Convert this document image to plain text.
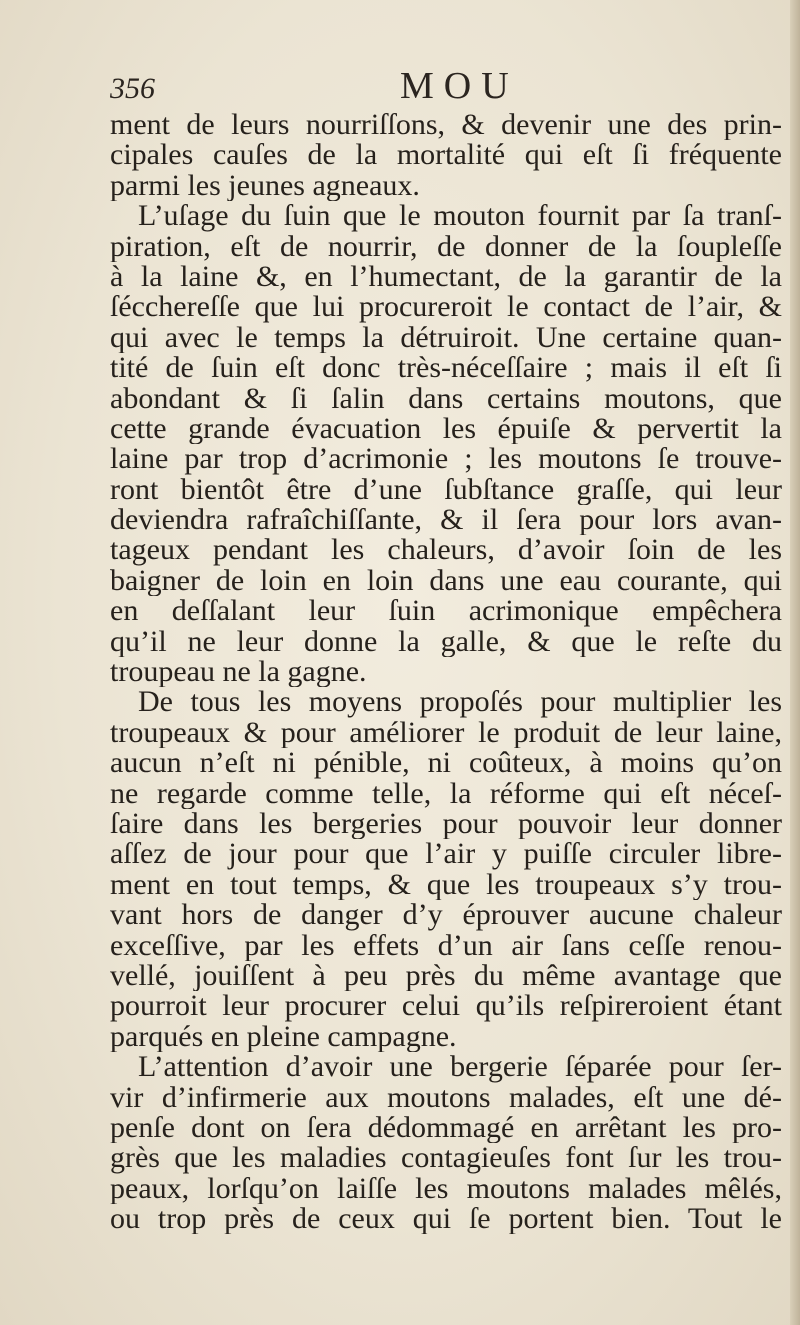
356	MOU
ment de leurs nourriſſons, & devenir une des prin-
cipales cauſes de la mortalité qui eſt ſi fréquente
parmi les jeunes agneaux.
L’uſage du ſuin que le mouton fournit par ſa tranſ-
piration, eſt de nourrir, de donner de la ſoupleſſe
à la laine &, en l’humectant, de la garantir de la
ſécchereſſe que lui procureroit le contact de l’air, &
qui avec le temps la détruiroit. Une certaine quan-
tité de ſuin eſt donc très-néceſſaire ; mais il eſt ſi
abondant & ſi ſalin dans certains moutons, que
cette grande évacuation les épuiſe & pervertit la
laine par trop d’acrimonie ; les moutons ſe trouve-
ront bientôt être d’une ſubſtance graſſe, qui leur
deviendra rafraîchiſſante, & il ſera pour lors avan-
tageux pendant les chaleurs, d’avoir ſoin de les
baigner de loin en loin dans une eau courante, qui
en deſſalant leur ſuin acrimonique empêchera
qu’il ne leur donne la galle, & que le reſte du
troupeau ne la gagne.
De tous les moyens propoſés pour multiplier les
troupeaux & pour améliorer le produit de leur laine,
aucun n’eſt ni pénible, ni coûteux, à moins qu’on
ne regarde comme telle, la réforme qui eſt néceſ-
ſaire dans les bergeries pour pouvoir leur donner
aſſez de jour pour que l’air y puiſſe circuler libre-
ment en tout temps, & que les troupeaux s’y trou-
vant hors de danger d’y éprouver aucune chaleur
exceſſive, par les effets d’un air ſans ceſſe renou-
vellé, jouiſſent à peu près du même avantage que
pourroit leur procurer celui qu’ils reſpireroient étant
parqués en pleine campagne.
L’attention d’avoir une bergerie ſéparée pour ſer-
vir d’infirmerie aux moutons malades, eſt une dé-
penſe dont on ſera dédommagé en arrêtant les pro-
grès que les maladies contagieuſes font ſur les trou-
peaux, lorſqu’on laiſſe les moutons malades mêlés,
ou trop près de ceux qui ſe portent bien. Tout le
